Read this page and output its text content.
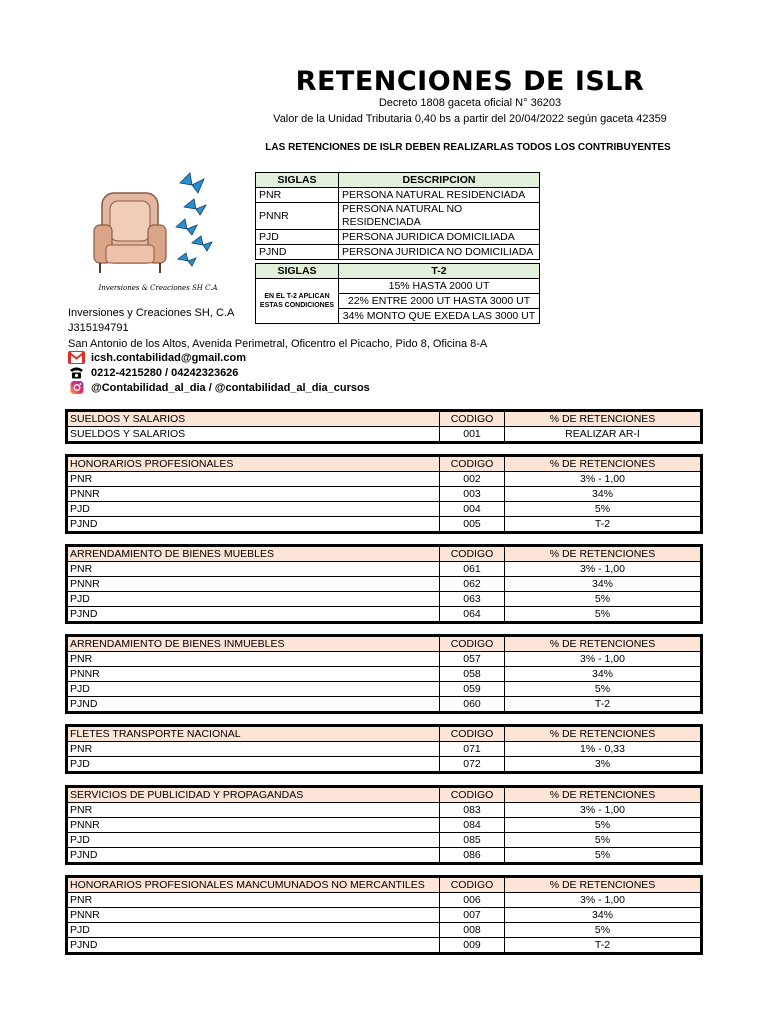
RETENCIONES DE ISLR
Decreto 1808 gaceta oficial N° 36203
Valor de la Unidad Tributaria 0,40 bs a partir del 20/04/2022 según gaceta 42359
LAS RETENCIONES DE ISLR DEBEN REALIZARLAS TODOS LOS CONTRIBUYENTES
Inversiones & Creaciones SH C.A
SIGLAS	DESCRIPCION
PNR	PERSONA NATURAL RESIDENCIADA
PNNR	PERSONA NATURAL NO RESIDENCIADA
PJD	PERSONA JURIDICA DOMICILIADA
PJND	PERSONA JURIDICA NO DOMICILIADA
SIGLAS	T-2
EN EL T-2 APLICAN ESTAS CONDICIONES	15% HASTA 2000 UT
	22% ENTRE 2000 UT HASTA 3000 UT
	34% MONTO QUE EXEDA LAS 3000 UT
Inversiones y Creaciones SH, C.A
J315194791
San Antonio de los Altos, Avenida Perimetral, Oficentro el Picacho, Pido 8, Oficina 8-A
icsh.contabilidad@gmail.com
0212-4215280 / 04242323626
@Contabilidad_al_dia / @contabilidad_al_dia_cursos
SUELDOS Y SALARIOS	CODIGO	% DE RETENCIONES
SUELDOS Y SALARIOS	001	REALIZAR AR-I
HONORARIOS PROFESIONALES	CODIGO	% DE RETENCIONES
PNR	002	3% - 1,00
PNNR	003	34%
PJD	004	5%
PJND	005	T-2
ARRENDAMIENTO DE BIENES MUEBLES	CODIGO	% DE RETENCIONES
PNR	061	3% - 1,00
PNNR	062	34%
PJD	063	5%
PJND	064	5%
ARRENDAMIENTO DE BIENES INMUEBLES	CODIGO	% DE RETENCIONES
PNR	057	3% - 1,00
PNNR	058	34%
PJD	059	5%
PJND	060	T-2
FLETES TRANSPORTE NACIONAL	CODIGO	% DE RETENCIONES
PNR	071	1% - 0,33
PJD	072	3%
SERVICIOS DE PUBLICIDAD Y PROPAGANDAS	CODIGO	% DE RETENCIONES
PNR	083	3% - 1,00
PNNR	084	5%
PJD	085	5%
PJND	086	5%
HONORARIOS PROFESIONALES MANCUMUNADOS NO MERCANTILES	CODIGO	% DE RETENCIONES
PNR	006	3% - 1,00
PNNR	007	34%
PJD	008	5%
PJND	009	T-2
